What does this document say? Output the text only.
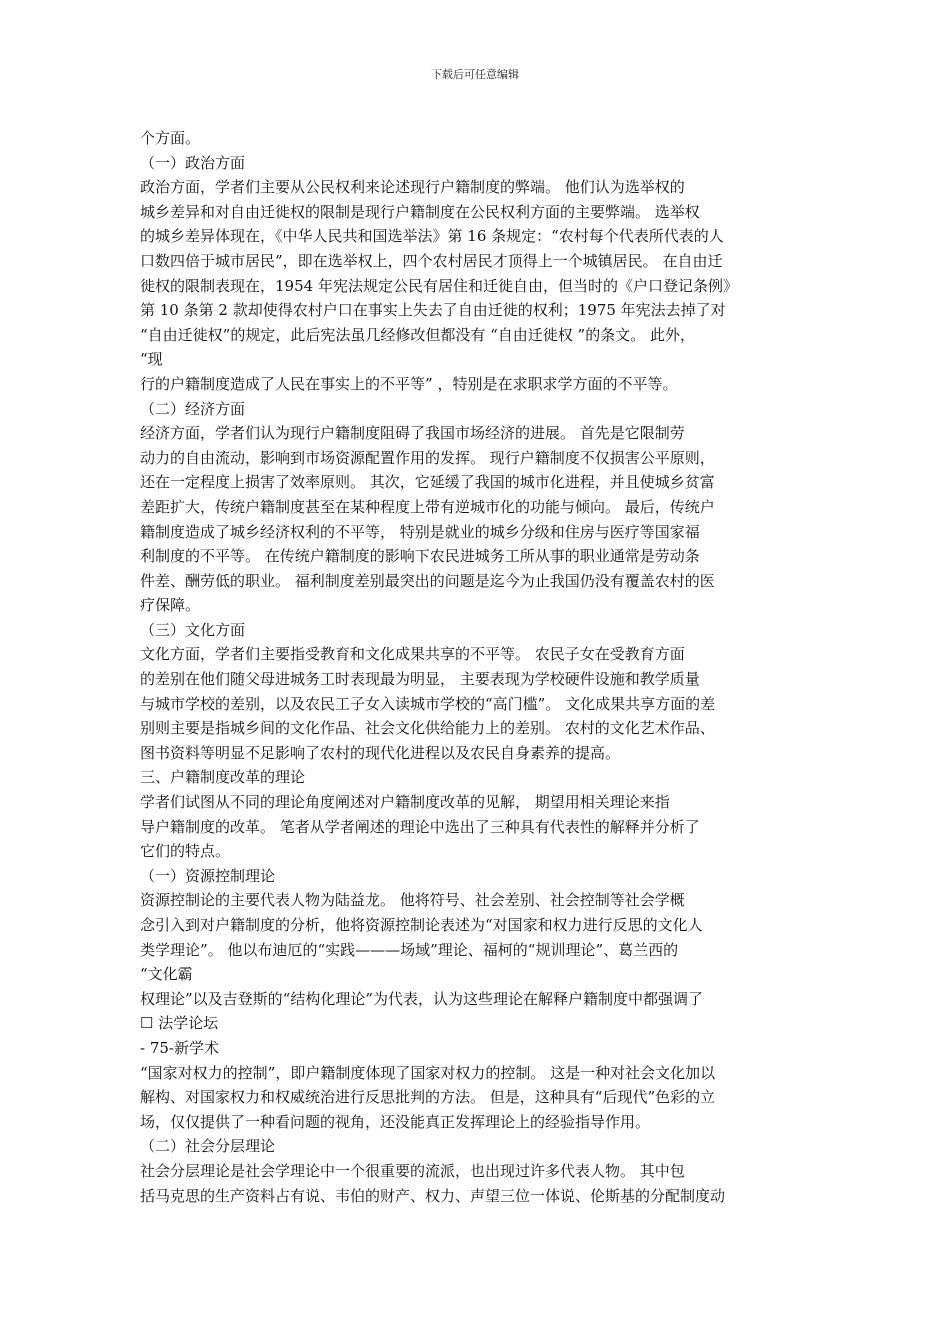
下载后可任意编辑
个方面。
（一）政治方面
政治方面，学者们主要从公民权利来论述现行户籍制度的弊端。 他们认为选举权的
城乡差异和对自由迁徙权的限制是现行户籍制度在公民权利方面的主要弊端。 选举权
的城乡差异体现在，《中华人民共和国选举法》第 16 条规定：“农村每个代表所代表的人
口数四倍于城市居民”，即在选举权上，四个农村居民才顶得上一个城镇居民。 在自由迁
徙权的限制表现在，1954 年宪法规定公民有居住和迁徙自由，但当时的《户口登记条例》
第 10 条第 2 款却使得农村户口在事实上失去了自由迁徙的权利；1975 年宪法去掉了对
“自由迁徙权”的规定，此后宪法虽几经修改但都没有 “自由迁徙权 ”的条文。 此外，
“现
行的户籍制度造成了人民在事实上的不平等” ，特别是在求职求学方面的不平等。
（二）经济方面
经济方面，学者们认为现行户籍制度阻碍了我国市场经济的进展。 首先是它限制劳
动力的自由流动，影响到市场资源配置作用的发挥。 现行户籍制度不仅损害公平原则，
还在一定程度上损害了效率原则。 其次，它延缓了我国的城市化进程，并且使城乡贫富
差距扩大，传统户籍制度甚至在某种程度上带有逆城市化的功能与倾向。 最后，传统户
籍制度造成了城乡经济权利的不平等， 特别是就业的城乡分级和住房与医疗等国家福
利制度的不平等。 在传统户籍制度的影响下农民进城务工所从事的职业通常是劳动条
件差、酬劳低的职业。 福利制度差别最突出的问题是迄今为止我国仍没有覆盖农村的医
疗保障。
（三）文化方面
文化方面，学者们主要指受教育和文化成果共享的不平等。 农民子女在受教育方面
的差别在他们随父母进城务工时表现最为明显， 主要表现为学校硬件设施和教学质量
与城市学校的差别，以及农民工子女入读城市学校的“高门槛”。 文化成果共享方面的差
别则主要是指城乡间的文化作品、社会文化供给能力上的差别。 农村的文化艺术作品、
图书资料等明显不足影响了农村的现代化进程以及农民自身素养的提高。
三、户籍制度改革的理论
学者们试图从不同的理论角度阐述对户籍制度改革的见解， 期望用相关理论来指
导户籍制度的改革。 笔者从学者阐述的理论中选出了三种具有代表性的解释并分析了
它们的特点。
（一）资源控制理论
资源控制论的主要代表人物为陆益龙。 他将符号、社会差别、社会控制等社会学概
念引入到对户籍制度的分析，他将资源控制论表述为“对国家和权力进行反思的文化人
类学理论”。 他以布迪厄的“实践———场域”理论、福柯的“规训理论”、葛兰西的
“文化霸
权理论”以及吉登斯的“结构化理论”为代表，认为这些理论在解释户籍制度中都强调了
☐ 法学论坛
- 75-新学术
“国家对权力的控制”，即户籍制度体现了国家对权力的控制。 这是一种对社会文化加以
解构、对国家权力和权威统治进行反思批判的方法。 但是，这种具有“后现代”色彩的立
场，仅仅提供了一种看问题的视角，还没能真正发挥理论上的经验指导作用。
（二）社会分层理论
社会分层理论是社会学理论中一个很重要的流派，也出现过许多代表人物。 其中包
括马克思的生产资料占有说、韦伯的财产、权力、声望三位一体说、伦斯基的分配制度动
